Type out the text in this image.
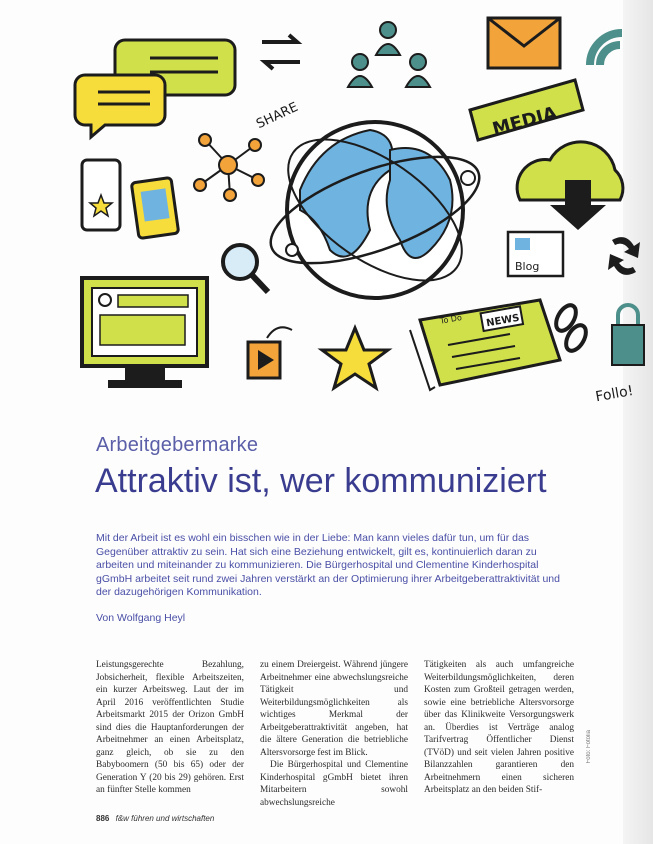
MEDIA
SHARE
Blog
Follo!
NEWS
To Do
Arbeitgebermarke
Attraktiv ist, wer kommuniziert
Mit der Arbeit ist es wohl ein bisschen wie in der Liebe: Man kann vieles dafür tun, um für das Gegenüber attraktiv zu sein. Hat sich eine Beziehung entwickelt, gilt es, kontinuierlich daran zu arbeiten und miteinander zu kommunizieren. Die Bürgerhospital und Clementine Kinderhospital gGmbH arbeitet seit rund zwei Jahren verstärkt an der Optimierung ihrer Arbeitgeberattraktivität und der dazugehörigen Kommunikation.
Von Wolfgang Heyl

Leistungsgerechte Bezahlung, Jobsicherheit, flexible Arbeitszeiten, ein kurzer Arbeitsweg. Laut der im April 2016 veröffentlichten Studie Arbeitsmarkt 2015 der Orizon GmbH sind dies die Hauptanforderungen der Arbeitnehmer an einen Arbeitsplatz, ganz gleich, ob sie zu den Babyboomern (50 bis 65) oder der Generation Y (20 bis 29) gehören. Erst an fünfter Stelle kommen

zu einem Dreiergeist. Während jüngere Arbeitnehmer eine abwechslungsreiche Tätigkeit und Weiterbildungsmöglichkeiten als wichtiges Merkmal der Arbeitgeberattraktivität angeben, hat die ältere Generation die betriebliche Altersvorsorge fest im Blick.

Die Bürgerhospital und Clementine Kinderhospital gGmbH bietet ihren Mitarbeitern sowohl abwechslungsreiche

Tätigkeiten als auch umfangreiche Weiterbildungsmöglichkeiten, deren Kosten zum Großteil getragen werden, sowie eine betriebliche Altersvorsorge über das Klinikweite Versorgungswerk an. Überdies ist Verträge analog Tarifvertrag Öffentlicher Dienst (TVöD) und seit vielen Jahren positive Bilanzzahlen garantieren den Arbeitnehmern einen sicheren Arbeitsplatz an den beiden Stif-

Foto: Fotolia
886 f&w führen und wirtschaften
